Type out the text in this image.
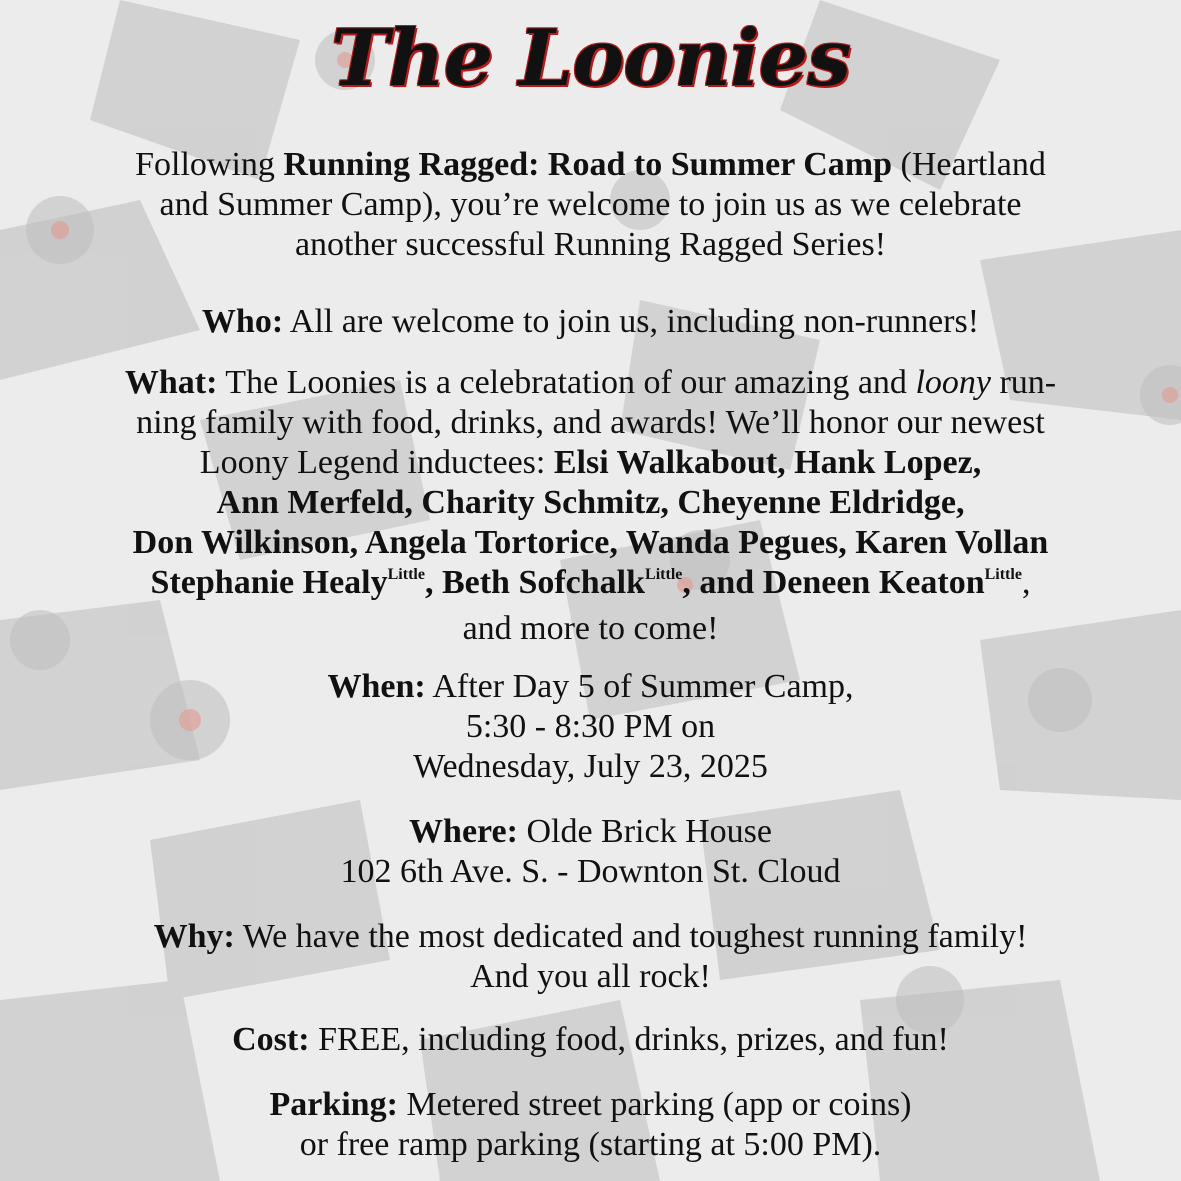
The Loonies
Following Running Ragged: Road to Summer Camp (Heartland
and Summer Camp), you’re welcome to join us as we celebrate
another successful Running Ragged Series!
Who: All are welcome to join us, including non-runners!
What: The Loonies is a celebratation of our amazing and loony run-
ning family with food, drinks, and awards! We’ll honor our newest
Loony Legend inductees: Elsi Walkabout, Hank Lopez,
Ann Merfeld, Charity Schmitz, Cheyenne Eldridge,
Don Wilkinson, Angela Tortorice, Wanda Pegues, Karen Vollan
Stephanie Healy$^{Little}$, Beth Sofchalk$^{Little}$, and Deneen Keaton$^{Little}$,
and more to come!
When: After Day 5 of Summer Camp,
5:30 - 8:30 PM on
Wednesday, July 23, 2025
Where: Olde Brick House
102 6th Ave. S. - Downton St. Cloud
Why: We have the most dedicated and toughest running family!
And you all rock!
Cost: FREE, including food, drinks, prizes, and fun!
Parking: Metered street parking (app or coins)
or free ramp parking (starting at 5:00 PM).
